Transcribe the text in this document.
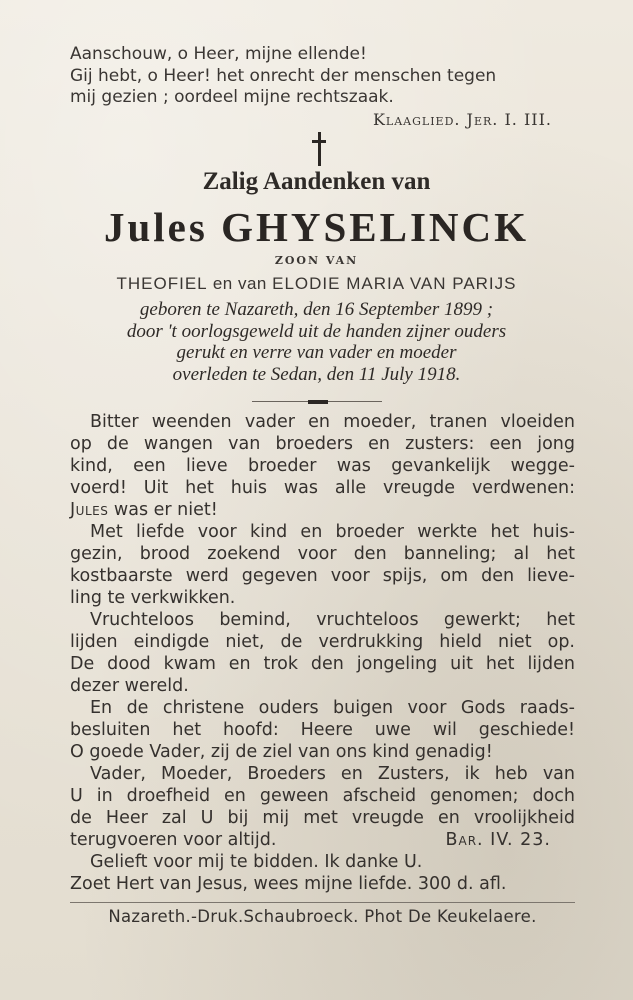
Aanschouw, o Heer, mijne ellende!
Gij hebt, o Heer! het onrecht der menschen tegen
mij gezien ; oordeel mijne rechtszaak.
Klaaglied. Jer. I. III.
Zalig Aandenken van
Jules GHYSELINCK
ZOON VAN
THEOFIEL en van ELODIE MARIA VAN PARIJS
geboren te Nazareth, den 16 September 1899 ;
door 't oorlogsgeweld uit de handen zijner ouders
gerukt en verre van vader en moeder
overleden te Sedan, den 11 July 1918.
Bitter weenden vader en moeder, tranen vloeiden
op de wangen van broeders en zusters: een jong
kind, een lieve broeder was gevankelijk wegge-
voerd! Uit het huis was alle vreugde verdwenen:
Jules was er niet!
Met liefde voor kind en broeder werkte het huis-
gezin, brood zoekend voor den banneling; al het
kostbaarste werd gegeven voor spijs, om den lieve-
ling te verkwikken.
Vruchteloos bemind, vruchteloos gewerkt; het
lijden eindigde niet, de verdrukking hield niet op.
De dood kwam en trok den jongeling uit het lijden
dezer wereld.
En de christene ouders buigen voor Gods raads-
besluiten het hoofd: Heere uwe wil geschiede!
O goede Vader, zij de ziel van ons kind genadig!
Vader, Moeder, Broeders en Zusters, ik heb van
U in droefheid en geween afscheid genomen; doch
de Heer zal U bij mij met vreugde en vroolijkheid
terugvoeren voor altijd.	Bar. IV. 23.
Gelieft voor mij te bidden. Ik danke U.
Zoet Hert van Jesus, wees mijne liefde. 300 d. afl.
Nazareth.-Druk.Schaubroeck. Phot De Keukelaere.
